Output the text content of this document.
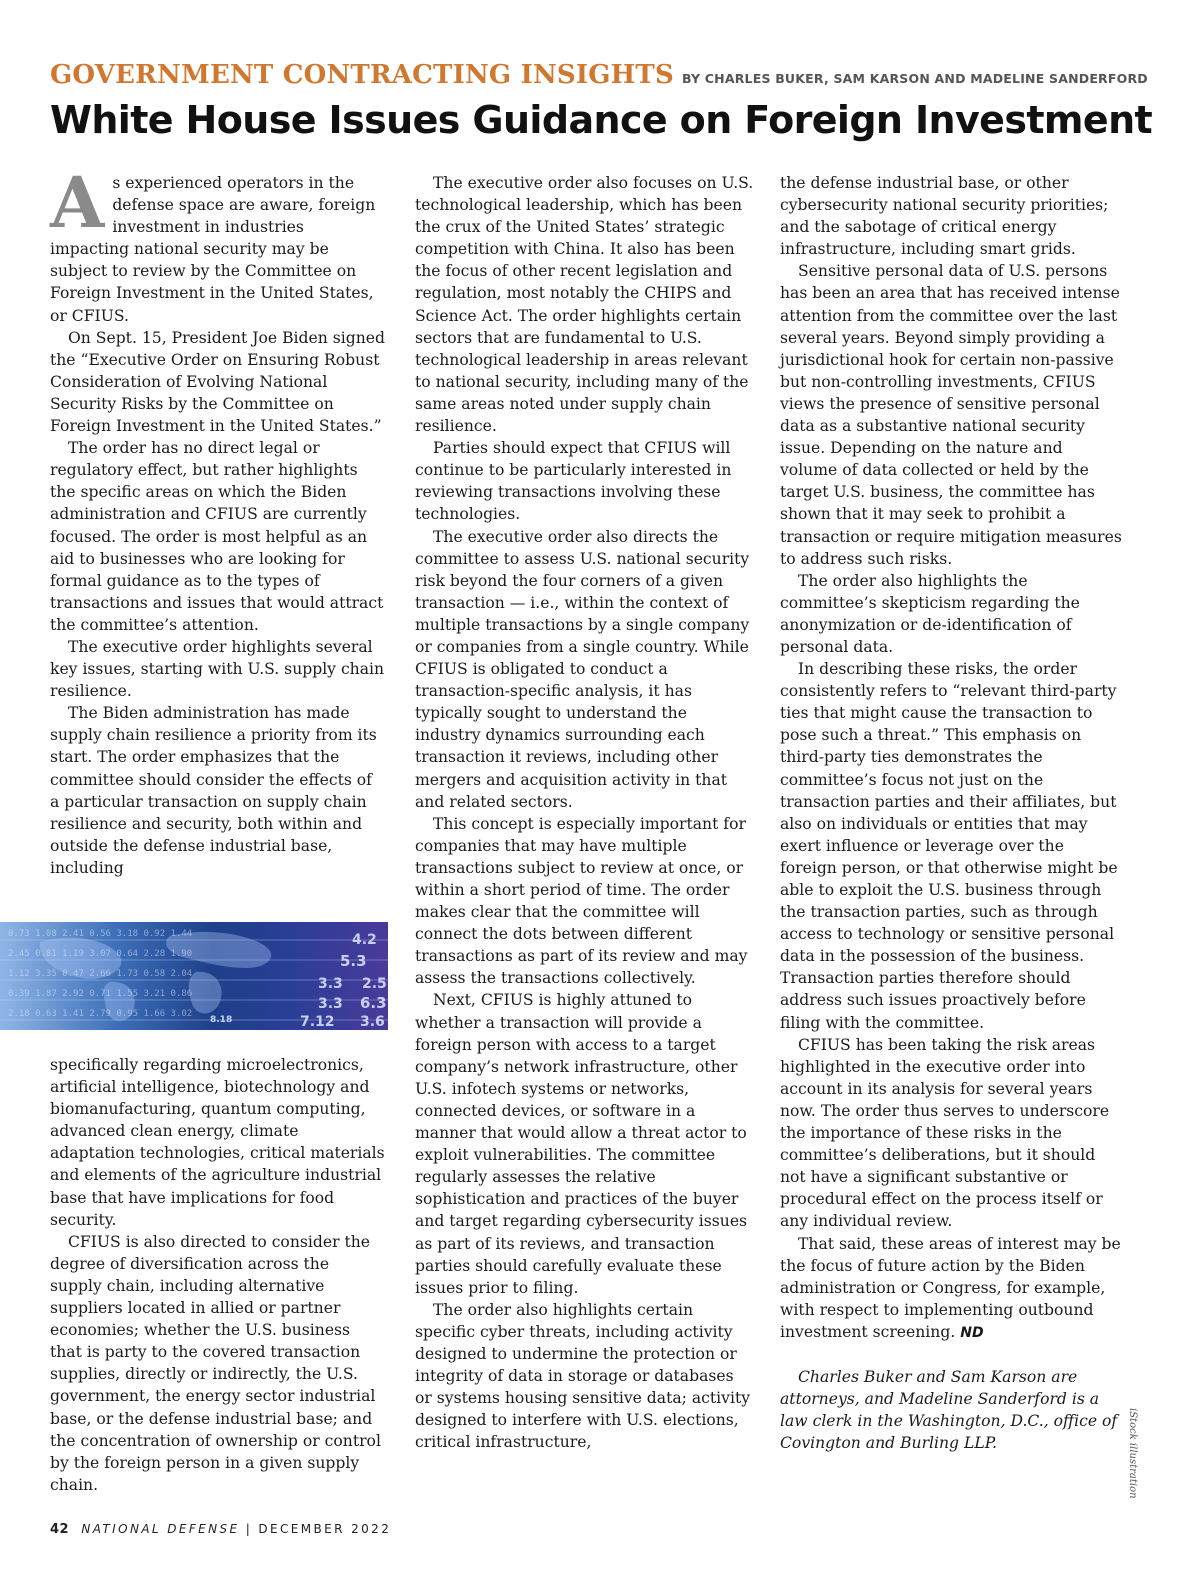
GOVERNMENT CONTRACTING INSIGHTS BY CHARLES BUKER, SAM KARSON AND MADELINE SANDERFORD
White House Issues Guidance on Foreign Investment

As experienced operators in the defense space are aware, foreign investment in industries impacting national security may be subject to review by the Committee on Foreign Investment in the United States, or CFIUS.

On Sept. 15, President Joe Biden signed the “Executive Order on Ensuring Robust Consideration of Evolving National Security Risks by the Committee on Foreign Investment in the United States.”

The order has no direct legal or regulatory effect, but rather highlights the specific areas on which the Biden administration and CFIUS are currently focused. The order is most helpful as an aid to businesses who are looking for formal guidance as to the types of transactions and issues that would attract the committee’s attention.

The executive order highlights several key issues, starting with U.S. supply chain resilience.

The Biden administration has made supply chain resilience a priority from its start. The order emphasizes that the committee should consider the effects of a particular transaction on supply chain resilience and security, both within and outside the defense industrial base, including

0.73 1.08 2.41 0.56 3.18 0.92 1.44
2.45 0.81 1.19 3.07 0.64 2.28 1.90
1.12 3.35 0.47 2.66 1.73 0.58 2.04
0.39 1.87 2.92 0.71 1.55 3.21 0.86
2.18 0.63 1.41 2.79 0.95 1.66 3.02
4.2
5.3
3.3 2.5
3.3 6.3
7.12 3.6
8.18

specifically regarding microelectronics, artificial intelligence, biotechnology and biomanufacturing, quantum computing, advanced clean energy, climate adaptation technologies, critical materials and elements of the agriculture industrial base that have implications for food security.

CFIUS is also directed to consider the degree of diversification across the supply chain, including alternative suppliers located in allied or partner economies; whether the U.S. business that is party to the covered transaction supplies, directly or indirectly, the U.S. government, the energy sector industrial base, or the defense industrial base; and the concentration of ownership or control by the foreign person in a given supply chain.

The executive order also focuses on U.S. technological leadership, which has been the crux of the United States’ strategic competition with China. It also has been the focus of other recent legislation and regulation, most notably the CHIPS and Science Act. The order highlights certain sectors that are fundamental to U.S. technological leadership in areas relevant to national security, including many of the same areas noted under supply chain resilience.

Parties should expect that CFIUS will continue to be particularly interested in reviewing transactions involving these technologies.

The executive order also directs the committee to assess U.S. national security risk beyond the four corners of a given transaction — i.e., within the context of multiple transactions by a single company or companies from a single country. While CFIUS is obligated to conduct a transaction-specific analysis, it has typically sought to understand the industry dynamics surrounding each transaction it reviews, including other mergers and acquisition activity in that and related sectors.

This concept is especially important for companies that may have multiple transactions subject to review at once, or within a short period of time. The order makes clear that the committee will connect the dots between different transactions as part of its review and may assess the transactions collectively.

Next, CFIUS is highly attuned to whether a transaction will provide a foreign person with access to a target company’s network infrastructure, other U.S. infotech systems or networks, connected devices, or software in a manner that would allow a threat actor to exploit vulnerabilities. The committee regularly assesses the relative sophistication and practices of the buyer and target regarding cybersecurity issues as part of its reviews, and transaction parties should carefully evaluate these issues prior to filing.

The order also highlights certain specific cyber threats, including activity designed to undermine the protection or integrity of data in storage or databases or systems housing sensitive data; activity designed to interfere with U.S. elections, critical infrastructure,

the defense industrial base, or other cybersecurity national security priorities; and the sabotage of critical energy infrastructure, including smart grids.

Sensitive personal data of U.S. persons has been an area that has received intense attention from the committee over the last several years. Beyond simply providing a jurisdictional hook for certain non-passive but non-controlling investments, CFIUS views the presence of sensitive personal data as a substantive national security issue. Depending on the nature and volume of data collected or held by the target U.S. business, the committee has shown that it may seek to prohibit a transaction or require mitigation measures to address such risks.

The order also highlights the committee’s skepticism regarding the anonymization or de-identification of personal data.

In describing these risks, the order consistently refers to “relevant third-party ties that might cause the transaction to pose such a threat.” This emphasis on third-party ties demonstrates the committee’s focus not just on the transaction parties and their affiliates, but also on individuals or entities that may exert influence or leverage over the foreign person, or that otherwise might be able to exploit the U.S. business through the transaction parties, such as through access to technology or sensitive personal data in the possession of the business. Transaction parties therefore should address such issues proactively before filing with the committee.

CFIUS has been taking the risk areas highlighted in the executive order into account in its analysis for several years now. The order thus serves to underscore the importance of these risks in the committee’s deliberations, but it should not have a significant substantive or procedural effect on the process itself or any individual review.

That said, these areas of interest may be the focus of future action by the Biden administration or Congress, for example, with respect to implementing outbound investment screening. ND

Charles Buker and Sam Karson are attorneys, and Madeline Sanderford is a law clerk in the Washington, D.C., office of Covington and Burling LLP.	iStock illustration
42 NATIONAL DEFENSE | DECEMBER 2022
